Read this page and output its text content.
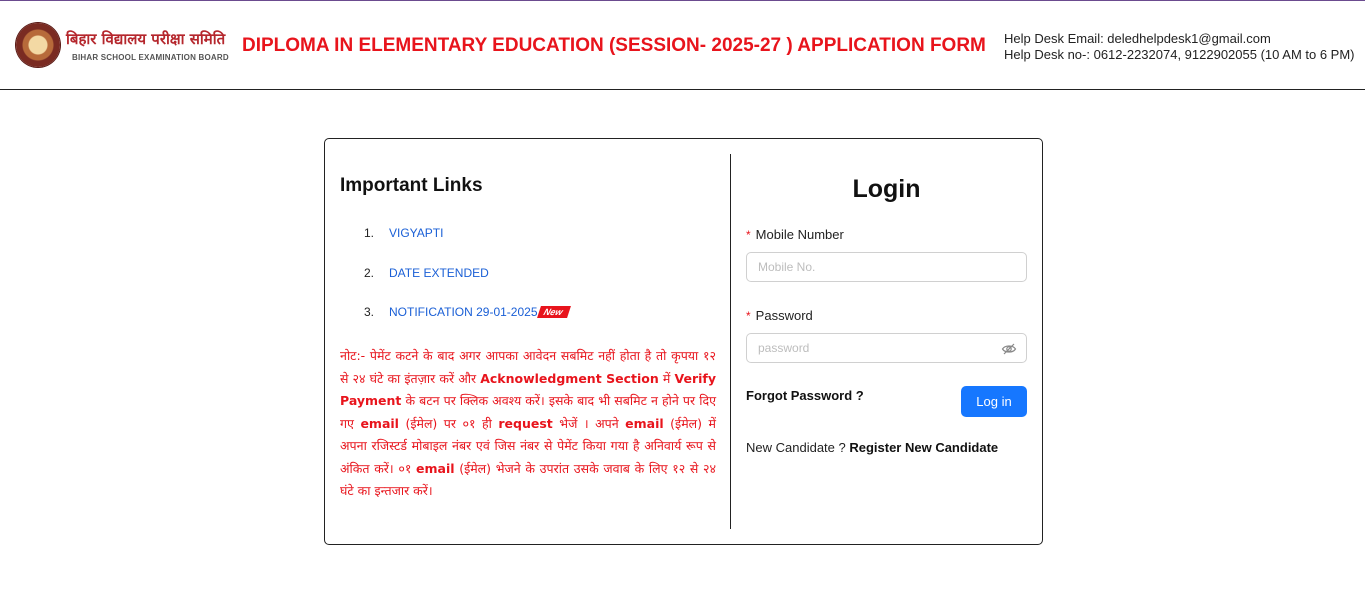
बिहार विद्यालय परीक्षा समिति
BIHAR SCHOOL EXAMINATION BOARD
DIPLOMA IN ELEMENTARY EDUCATION (SESSION- 2025-27 ) APPLICATION FORM Help Desk Email: deledhelpdesk1@gmail.com
Help Desk no-: 0612-2232074, 9122902055 (10 AM to 6 PM)
Important Links
1. VIGYAPTI
2. DATE EXTENDED
3. NOTIFICATION 29-01-2025 New
नोट:- पेमेंट कटने के बाद अगर आपका आवेदन सबमिट नहीं होता है तो कृपया १२ से २४ घंटे का इंतज़ार करें और Acknowledgment Section में Verify Payment के बटन पर क्लिक अवश्य करें। इसके बाद भी सबमिट न होने पर दिए गए email (ईमेल) पर ०१ ही request भेजें । अपने email (ईमेल) में अपना रजिस्टर्ड मोबाइल नंबर एवं जिस नंबर से पेमेंट किया गया है अनिवार्य रूप से अंकित करें। ०१ email (ईमेल) भेजने के उपरांत उसके जवाब के लिए १२ से २४ घंटे का इन्तजार करें।
Login
* Mobile Number
Mobile No.
* Password
Forgot Password ?	Log in
New Candidate ? Register New Candidate
